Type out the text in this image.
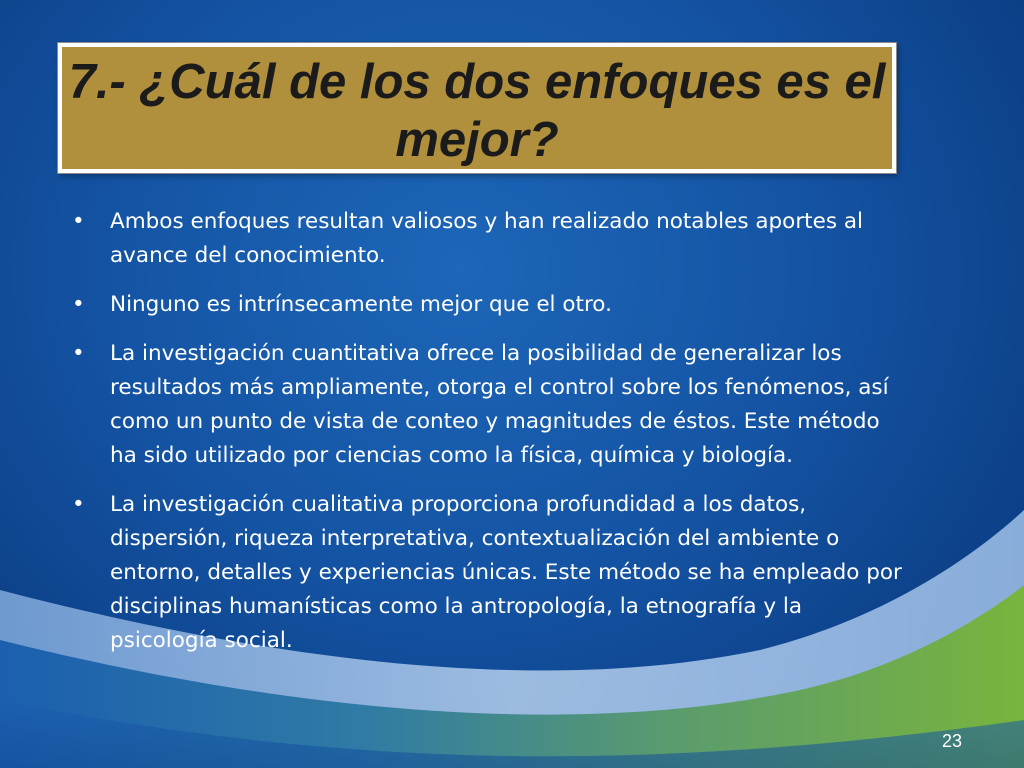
7.- ¿Cuál de los dos enfoques es el mejor?
•	Ambos enfoques resultan valiosos y han realizado notables aportes al avance del conocimiento.
•	Ninguno es intrínsecamente mejor que el otro.
•	La investigación cuantitativa ofrece la posibilidad de generalizar los resultados más ampliamente, otorga el control sobre los fenómenos, así como un punto de vista de conteo y magnitudes de éstos. Este método ha sido utilizado por ciencias como la física, química y biología.
•	La investigación cualitativa proporciona profundidad a los datos, dispersión, riqueza interpretativa, contextualización del ambiente o entorno, detalles y experiencias únicas. Este método se ha empleado por disciplinas humanísticas como la antropología, la etnografía y la psicología social.
23
